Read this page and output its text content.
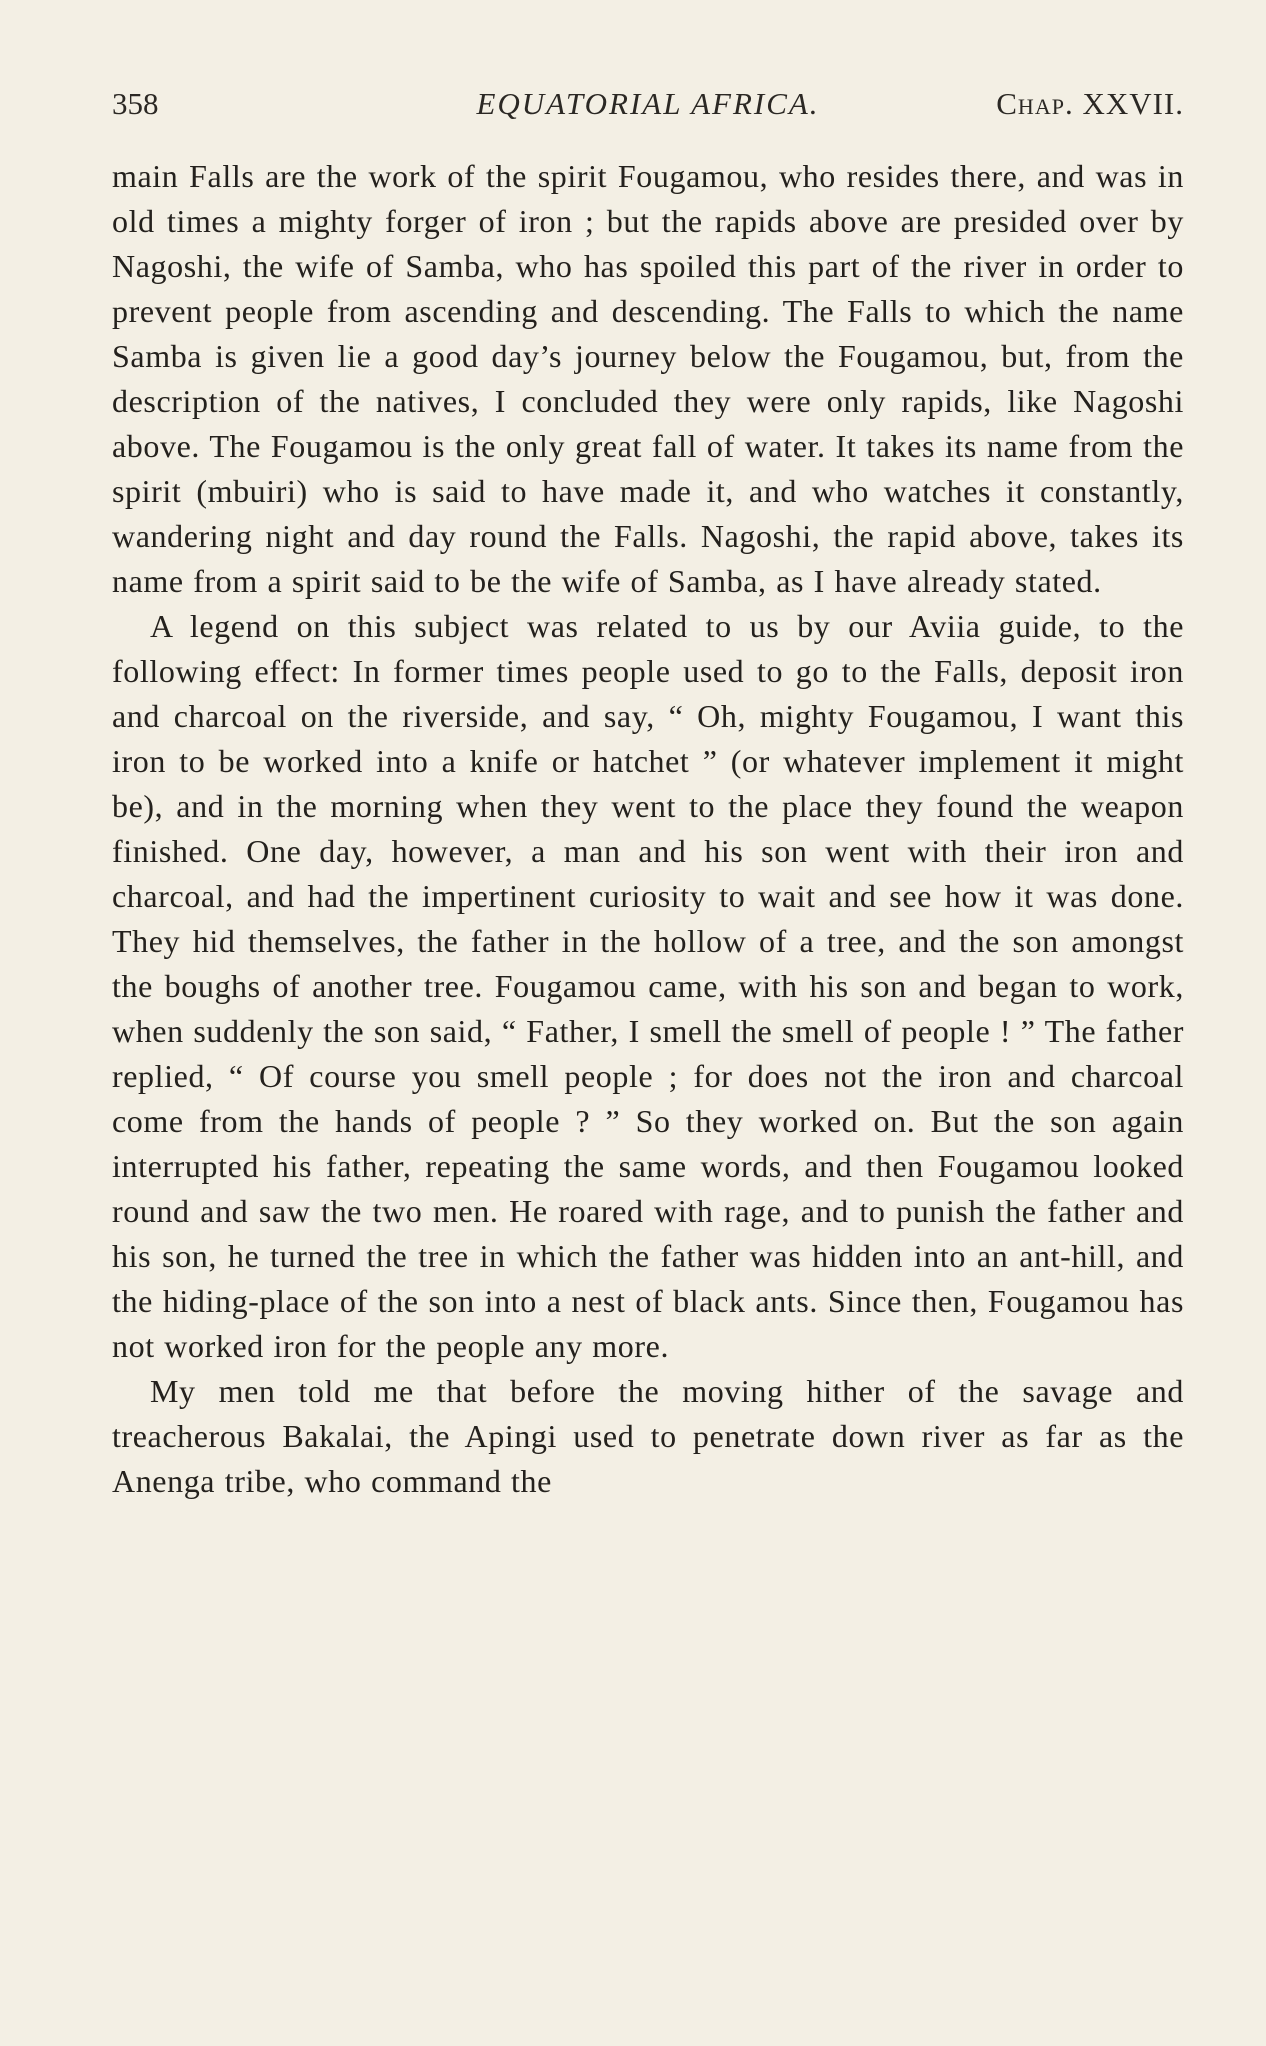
358	EQUATORIAL AFRICA.	Chap. XXVII.

main Falls are the work of the spirit Fougamou, who resides there, and was in old times a mighty forger of iron ; but the rapids above are presided over by Nagoshi, the wife of Samba, who has spoiled this part of the river in order to prevent people from ascending and descending. The Falls to which the name Samba is given lie a good day’s journey below the Fougamou, but, from the description of the natives, I concluded they were only rapids, like Nagoshi above. The Fougamou is the only great fall of water. It takes its name from the spirit (mbuiri) who is said to have made it, and who watches it constantly, wandering night and day round the Falls. Nagoshi, the rapid above, takes its name from a spirit said to be the wife of Samba, as I have already stated.

A legend on this subject was related to us by our Aviia guide, to the following effect: In former times people used to go to the Falls, deposit iron and charcoal on the riverside, and say, “ Oh, mighty Fougamou, I want this iron to be worked into a knife or hatchet ” (or whatever implement it might be), and in the morning when they went to the place they found the weapon finished. One day, however, a man and his son went with their iron and charcoal, and had the impertinent curiosity to wait and see how it was done. They hid themselves, the father in the hollow of a tree, and the son amongst the boughs of another tree. Fougamou came, with his son and began to work, when suddenly the son said, “ Father, I smell the smell of people ! ” The father replied, “ Of course you smell people ; for does not the iron and charcoal come from the hands of people ? ” So they worked on. But the son again interrupted his father, repeating the same words, and then Fougamou looked round and saw the two men. He roared with rage, and to punish the father and his son, he turned the tree in which the father was hidden into an ant-hill, and the hiding-place of the son into a nest of black ants. Since then, Fougamou has not worked iron for the people any more.

My men told me that before the moving hither of the savage and treacherous Bakalai, the Apingi used to penetrate down river as far as the Anenga tribe, who command the
